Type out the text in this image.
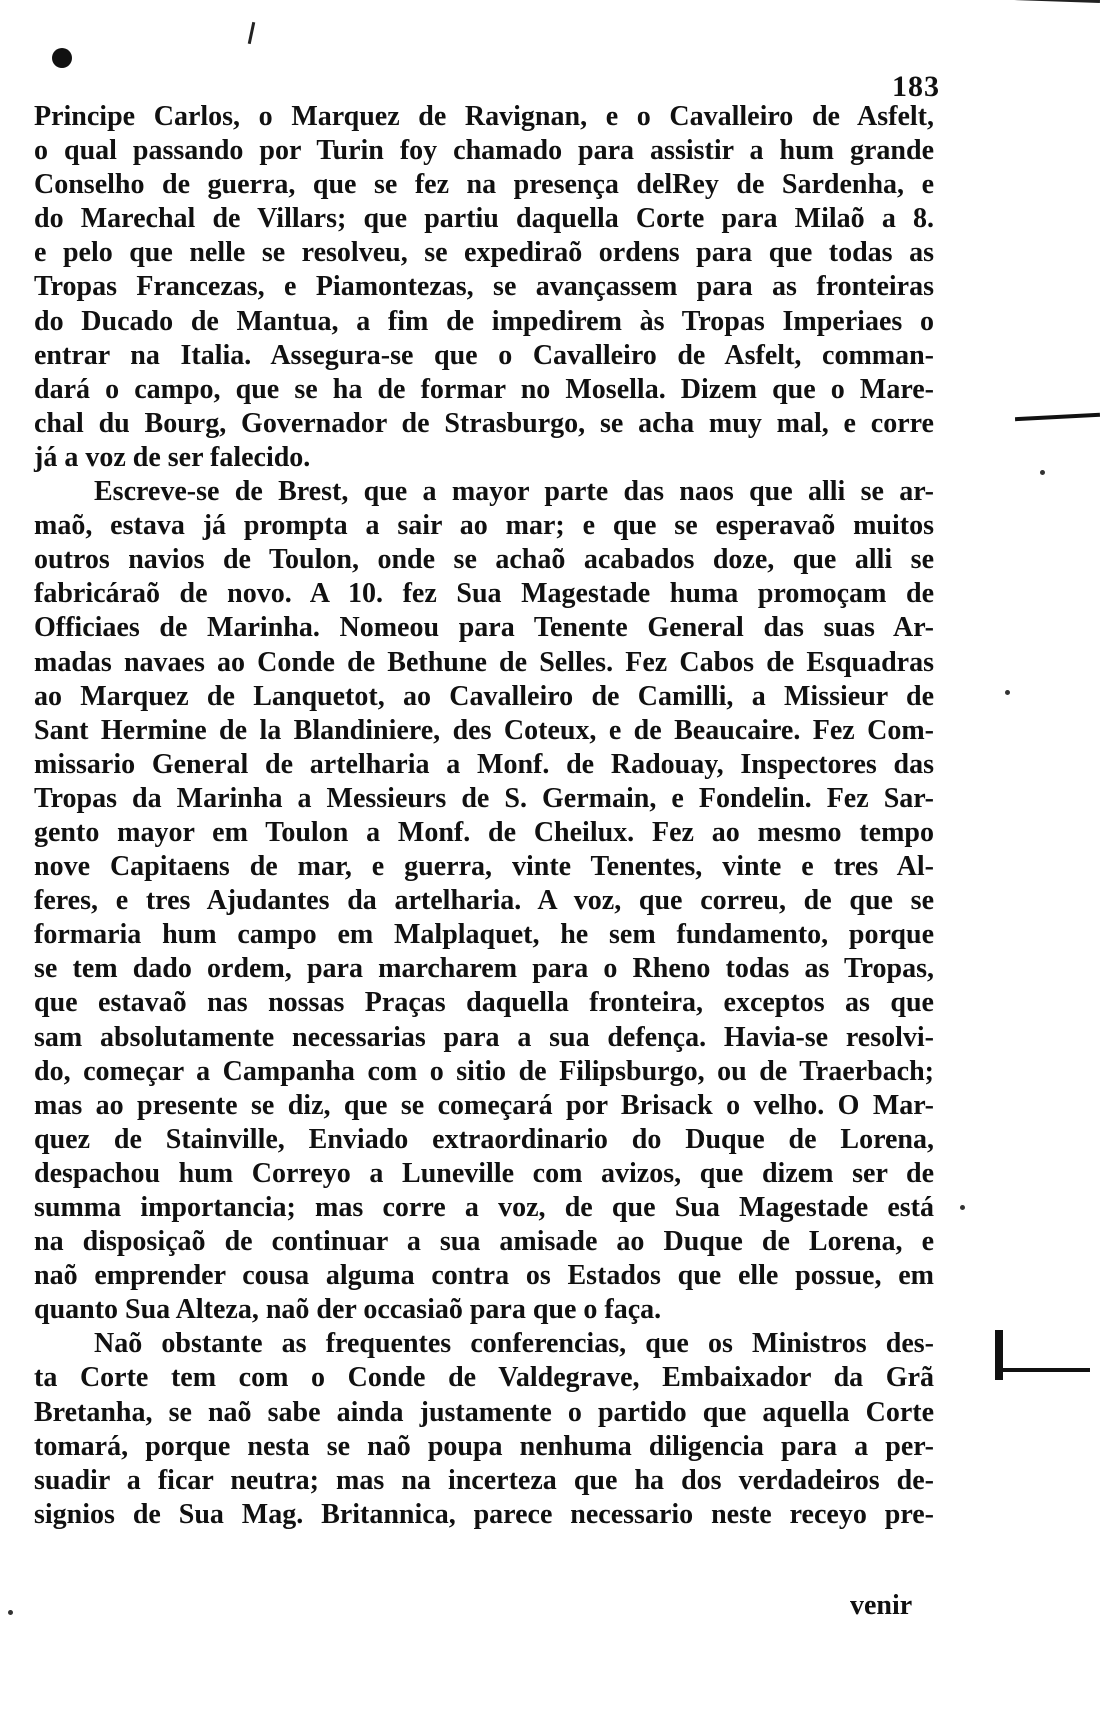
183
Principe Carlos, o Marquez de Ravignan, e o Cavalleiro de Asfelt,
o qual passando por Turin foy chamado para assistir a hum grande
Conselho de guerra, que se fez na presença delRey de Sardenha, e
do Marechal de Villars; que partiu daquella Corte para Milaõ a 8.
e pelo que nelle se resolveu, se expediraõ ordens para que todas as
Tropas Francezas, e Piamontezas, se avançassem para as fronteiras
do Ducado de Mantua, a fim de impedirem às Tropas Imperiaes o
entrar na Italia. Assegura-se que o Cavalleiro de Asfelt, comman-
dará o campo, que se ha de formar no Mosella. Dizem que o Mare-
chal du Bourg, Governador de Strasburgo, se acha muy mal, e corre
já a voz de ser falecido.
Escreve-se de Brest, que a mayor parte das naos que alli se ar-
maõ, estava já prompta a sair ao mar; e que se esperavaõ muitos
outros navios de Toulon, onde se achaõ acabados doze, que alli se
fabricáraõ de novo. A 10. fez Sua Magestade huma promoçam de
Officiaes de Marinha. Nomeou para Tenente General das suas Ar-
madas navaes ao Conde de Bethune de Selles. Fez Cabos de Esquadras
ao Marquez de Lanquetot, ao Cavalleiro de Camilli, a Missieur de
Sant Hermine de la Blandiniere, des Coteux, e de Beaucaire. Fez Com-
missario General de artelharia a Monf. de Radouay, Inspectores das
Tropas da Marinha a Messieurs de S. Germain, e Fondelin. Fez Sar-
gento mayor em Toulon a Monf. de Cheilux. Fez ao mesmo tempo
nove Capitaens de mar, e guerra, vinte Tenentes, vinte e tres Al-
feres, e tres Ajudantes da artelharia. A voz, que correu, de que se
formaria hum campo em Malplaquet, he sem fundamento, porque
se tem dado ordem, para marcharem para o Rheno todas as Tropas,
que estavaõ nas nossas Praças daquella fronteira, exceptos as que
sam absolutamente necessarias para a sua defença. Havia-se resolvi-
do, começar a Campanha com o sitio de Filipsburgo, ou de Traerbach;
mas ao presente se diz, que se começará por Brisack o velho. O Mar-
quez de Stainville, Enviado extraordinario do Duque de Lorena,
despachou hum Correyo a Luneville com avizos, que dizem ser de
summa importancia; mas corre a voz, de que Sua Magestade está
na disposiçaõ de continuar a sua amisade ao Duque de Lorena, e
naõ emprender cousa alguma contra os Estados que elle possue, em
quanto Sua Alteza, naõ der occasiaõ para que o faça.
Naõ obstante as frequentes conferencias, que os Ministros des-
ta Corte tem com o Conde de Valdegrave, Embaixador da Grã
Bretanha, se naõ sabe ainda justamente o partido que aquella Corte
tomará, porque nesta se naõ poupa nenhuma diligencia para a per-
suadir a ficar neutra; mas na incerteza que ha dos verdadeiros de-
signios de Sua Mag. Britannica, parece necessario neste receyo pre-
venir
